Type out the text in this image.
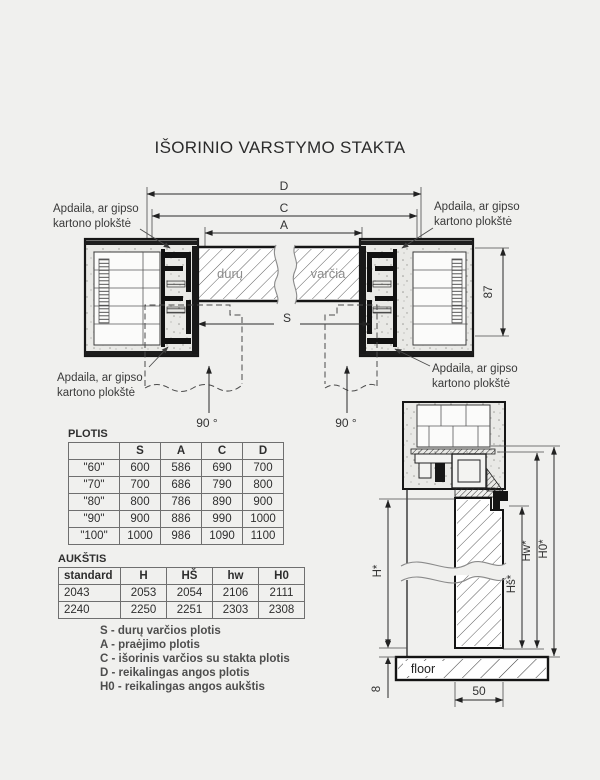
IŠORINIO VARSTYMO STAKTA
D
C
A
durų	varčia
S
90 °	90 °
87
floor
H*
8	50
Hš*
Hw* H0*
Apdaila, ar gipso kartono plokštė
Apdaila, ar gipso kartono plokštė
Apdaila, ar gipso kartono plokštė
Apdaila, ar gipso kartono plokštė
PLOTIS
	S	A	C	D
"60"	600	586	690	700
"70"	700	686	790	800
"80"	800	786	890	900
"90"	900	886	990	1000
"100"	1000	986	1090	1100
AUKŠTIS
standard	H	HŠ	hw	H0
2043	2053	2054	2106	2111
2240	2250	2251	2303	2308
S - durų varčios plotis
A - praėjimo plotis
C - išorinis varčios su stakta plotis
D - reikalingas angos plotis
H0 - reikalingas angos aukštis
